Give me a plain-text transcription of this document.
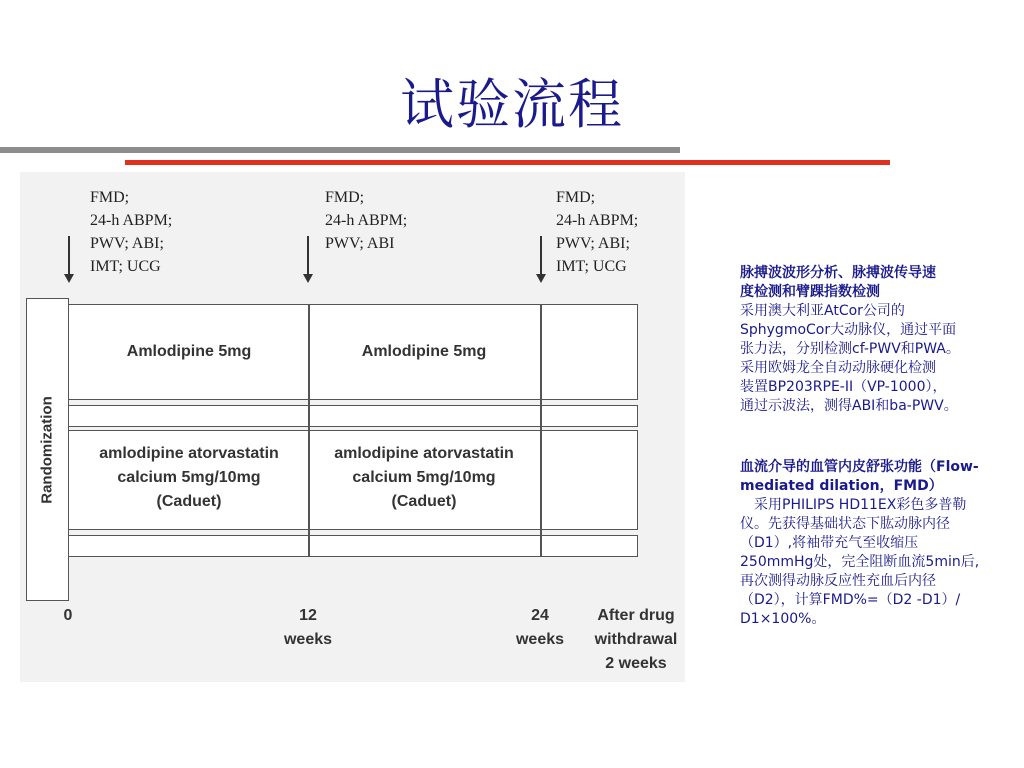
试验流程
FMD;
24-h ABPM;
PWV; ABI;
IMT; UCG
FMD;
24-h ABPM;
PWV; ABI
FMD;
24-h ABPM;
PWV; ABI;
IMT; UCG
Randomization
Amlodipine 5mg	Amlodipine 5mg
amlodipine atorvastatin
calcium 5mg/10mg
(Caduet)
amlodipine atorvastatin
calcium 5mg/10mg
(Caduet)
0	12
weeks
24
weeks
After drug
withdrawal
2 weeks
脉搏波波形分析、脉搏波传导速
度检测和臂踝指数检测
采用澳大利亚AtCor公司的
SphygmoCor大动脉仪，通过平面
张力法，分别检测cf-PWV和PWA。
采用欧姆龙全自动动脉硬化检测
装置BP203RPE-II（VP-1000），
通过示波法，测得ABI和ba-PWV。
血流介导的血管内皮舒张功能（Flow-
mediated dilation，FMD）
　采用PHILIPS HD11EX彩色多普勒
仪。先获得基础状态下肱动脉内径
（D1）,将袖带充气至收缩压
250mmHg处，完全阻断血流5min后,
再次测得动脉反应性充血后内径
（D2），计算FMD%=（D2 -D1）/
D1×100%。
